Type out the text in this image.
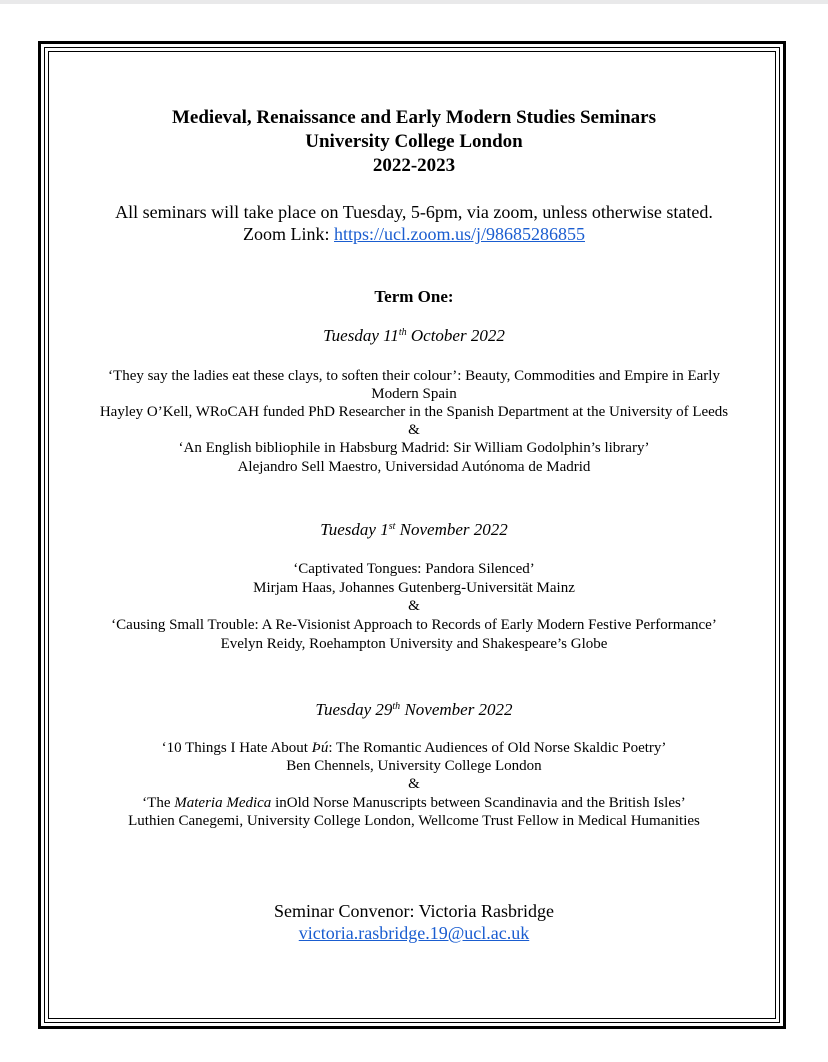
Medieval, Renaissance and Early Modern Studies Seminars
University College London
2022-2023
All seminars will take place on Tuesday, 5-6pm, via zoom, unless otherwise stated.
Zoom Link: https://ucl.zoom.us/j/98685286855
Term One:
Tuesday 11th October 2022
‘They say the ladies eat these clays, to soften their colour’: Beauty, Commodities and Empire in Early
Modern Spain
Hayley O’Kell, WRoCAH funded PhD Researcher in the Spanish Department at the University of Leeds
&
‘An English bibliophile in Habsburg Madrid: Sir William Godolphin’s library’
Alejandro Sell Maestro, Universidad Autónoma de Madrid
Tuesday 1st November 2022
‘Captivated Tongues: Pandora Silenced’
Mirjam Haas, Johannes Gutenberg-Universität Mainz
&
‘Causing Small Trouble: A Re-Visionist Approach to Records of Early Modern Festive Performance’
Evelyn Reidy, Roehampton University and Shakespeare’s Globe
Tuesday 29th November 2022
‘10 Things I Hate About Þú: The Romantic Audiences of Old Norse Skaldic Poetry’
Ben Chennels, University College London
&
‘The Materia Medica inOld Norse Manuscripts between Scandinavia and the British Isles’
Luthien Canegemi, University College London, Wellcome Trust Fellow in Medical Humanities
Seminar Convenor: Victoria Rasbridge
victoria.rasbridge.19@ucl.ac.uk
